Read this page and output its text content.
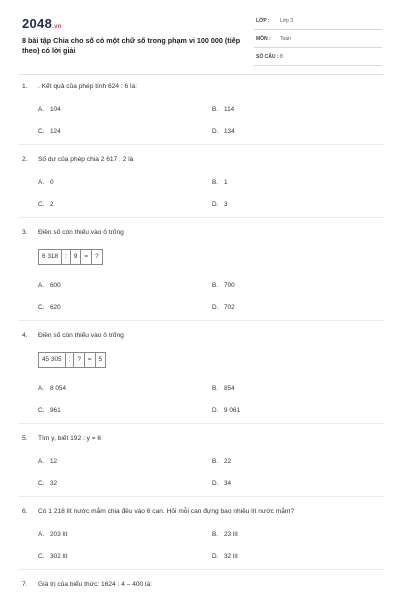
2048.vn
8 bài tập Chia cho số có một chữ số trong phạm vi 100 000 (tiếp theo) có lời giải
LỚP : Lớp 3
MÔN : Toán
SỐ CÂU : 8
1.	. Kết quả của phép tính 624 : 6 là:
A. 104	B. 114
C. 124	D. 134
2.	Số dư của phép chia 2 617 : 2 là
A. 0	B. 1
C. 2	D. 3
3.	Điền số còn thiếu vào ô trống
6 318	:	9	=	?
A. 600	B. 700
C. 620	D. 702
4.	Điền số còn thiếu vào ô trống
45 305	:	?	=	5
A. 8 054	B. 854
C. 961	D. 9 061
5.	Tìm y, biết 192 : y = 6
A. 12	B. 22
C. 32	D. 34
6.	Có 1 218 lít nước mắm chia đều vào 6 can. Hỏi mỗi can đựng bao nhiêu lít nước mắm?
A. 203 lít	B. 23 lít
C. 302 lít	D. 32 lít
7.	Giá trị của biểu thức: 1624 : 4 – 400 là:
